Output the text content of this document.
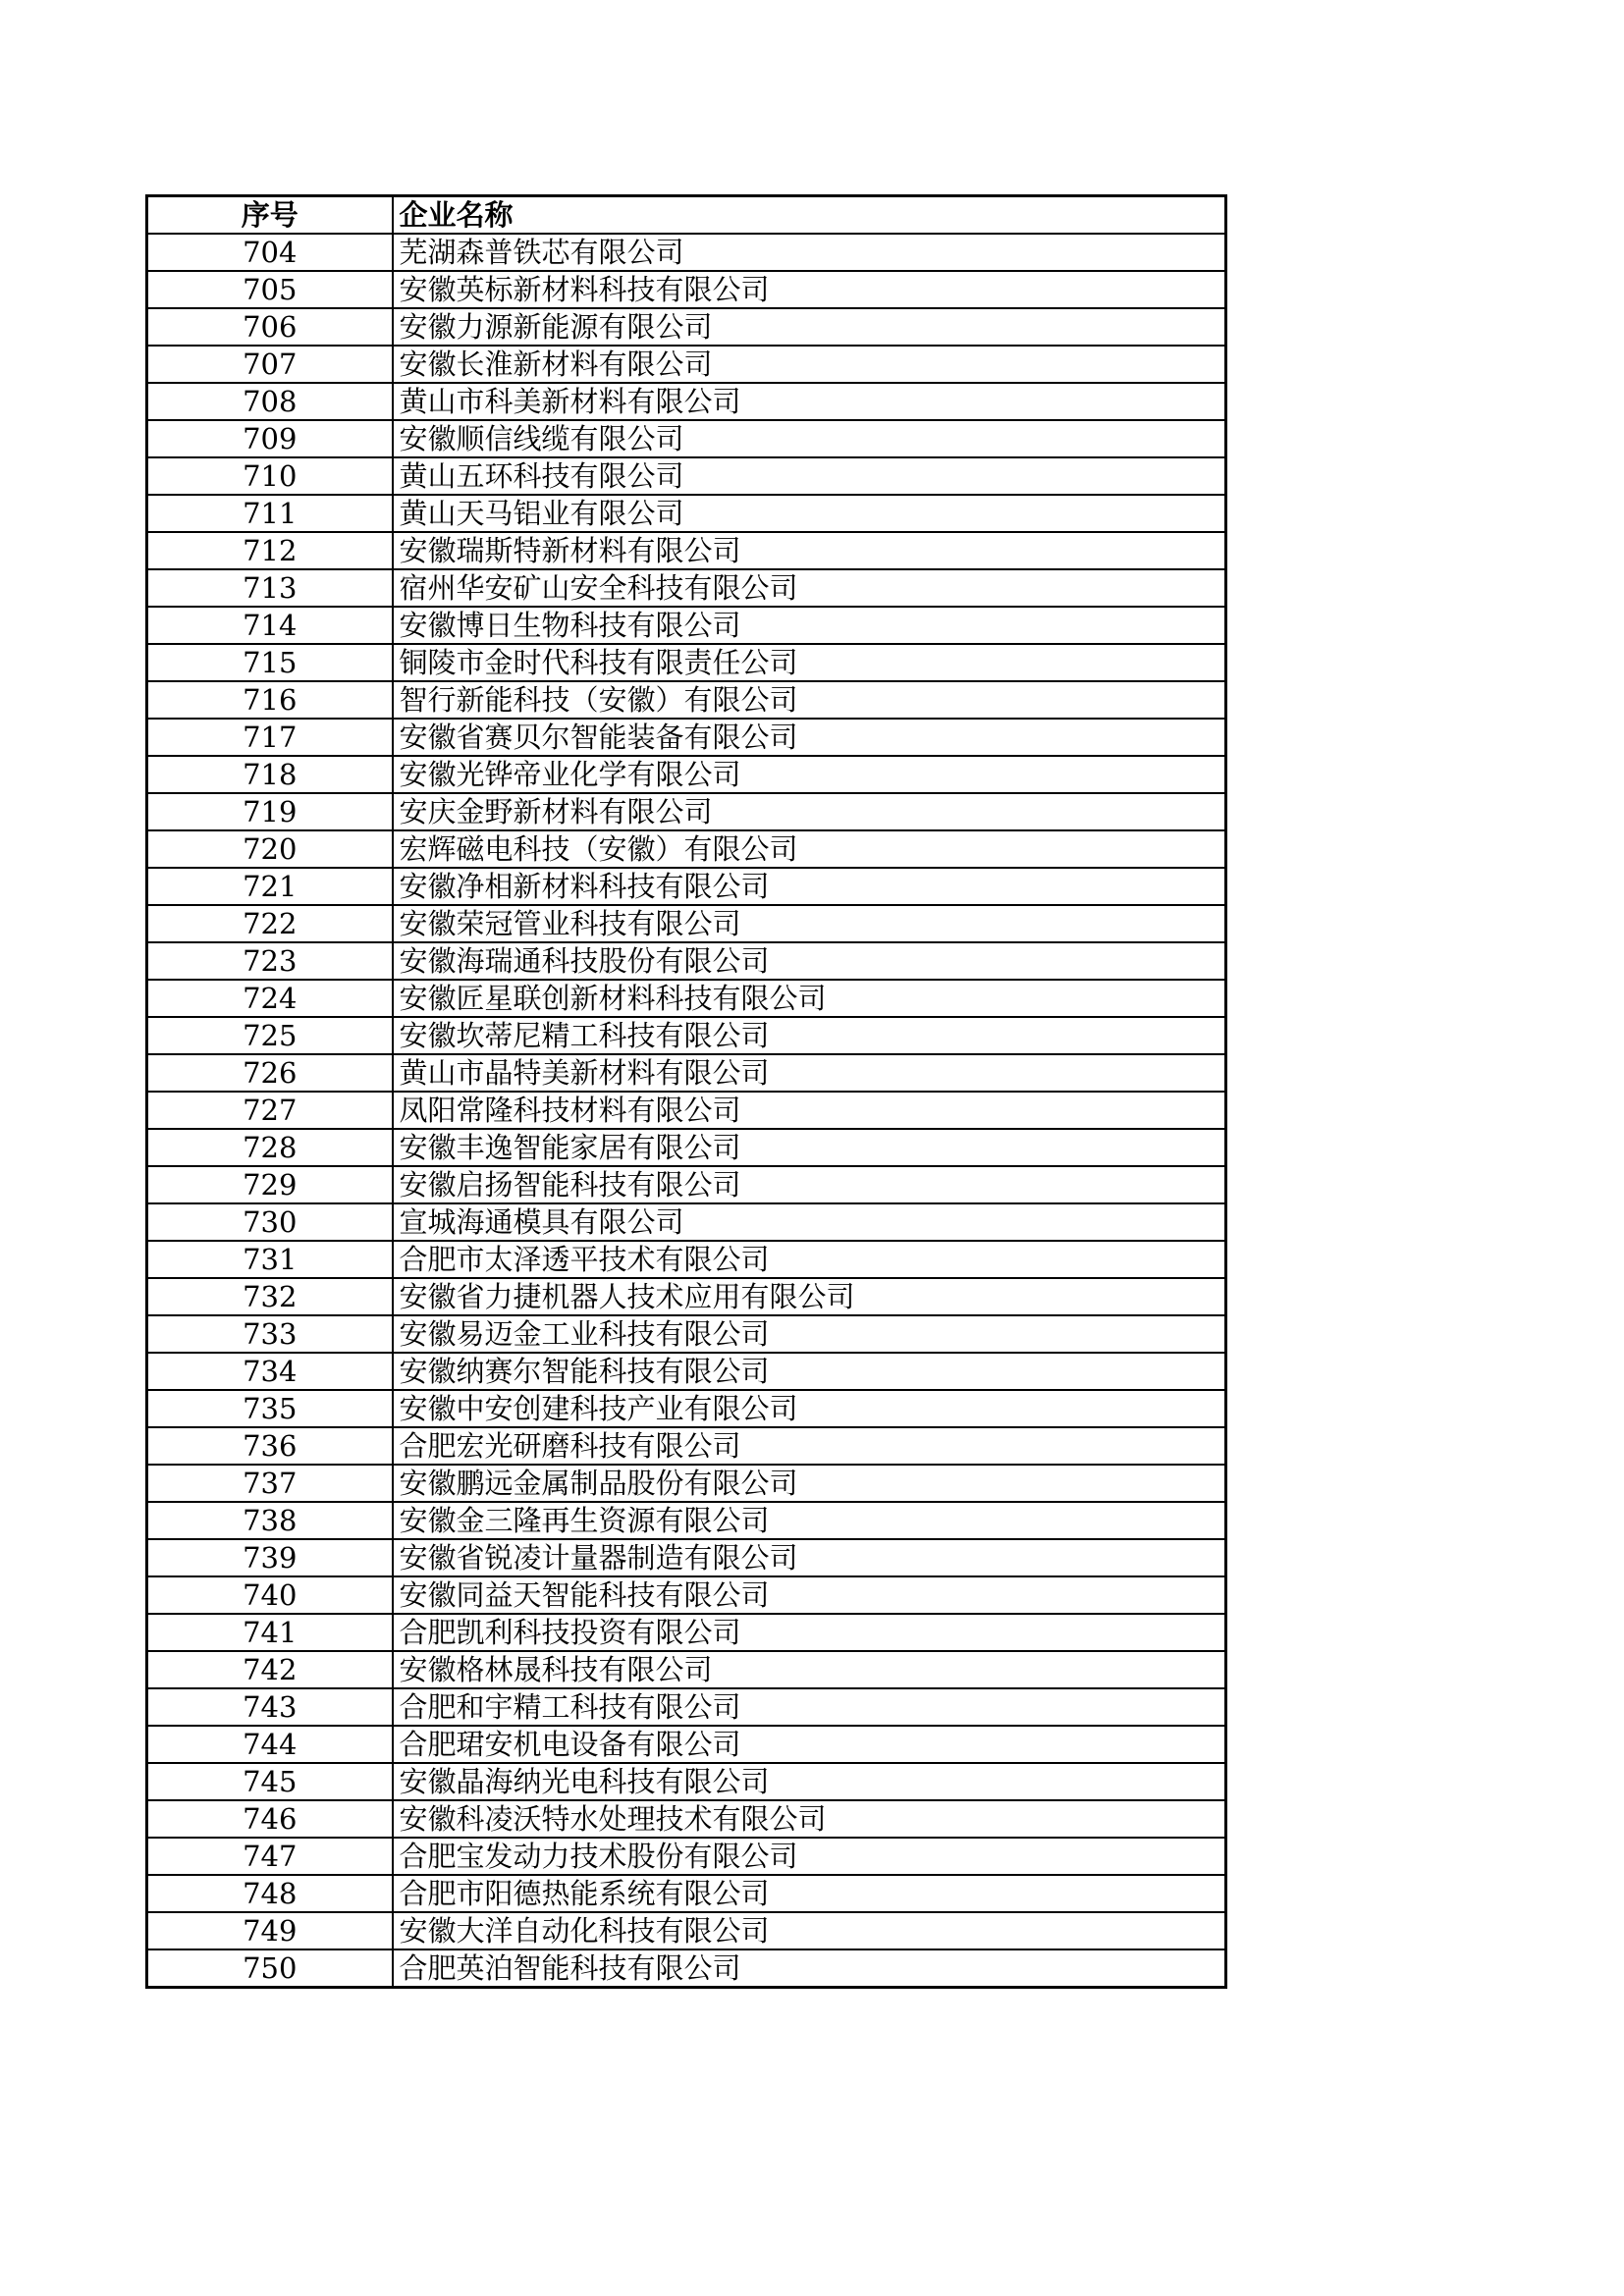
序号	企业名称
704	芜湖森普铁芯有限公司
705	安徽英标新材料科技有限公司
706	安徽力源新能源有限公司
707	安徽长淮新材料有限公司
708	黄山市科美新材料有限公司
709	安徽顺信线缆有限公司
710	黄山五环科技有限公司
711	黄山天马铝业有限公司
712	安徽瑞斯特新材料有限公司
713	宿州华安矿山安全科技有限公司
714	安徽博日生物科技有限公司
715	铜陵市金时代科技有限责任公司
716	智行新能科技（安徽）有限公司
717	安徽省赛贝尔智能装备有限公司
718	安徽光铧帝业化学有限公司
719	安庆金野新材料有限公司
720	宏辉磁电科技（安徽）有限公司
721	安徽净相新材料科技有限公司
722	安徽荣冠管业科技有限公司
723	安徽海瑞通科技股份有限公司
724	安徽匠星联创新材料科技有限公司
725	安徽坎蒂尼精工科技有限公司
726	黄山市晶特美新材料有限公司
727	凤阳常隆科技材料有限公司
728	安徽丰逸智能家居有限公司
729	安徽启扬智能科技有限公司
730	宣城海通模具有限公司
731	合肥市太泽透平技术有限公司
732	安徽省力捷机器人技术应用有限公司
733	安徽易迈金工业科技有限公司
734	安徽纳赛尔智能科技有限公司
735	安徽中安创建科技产业有限公司
736	合肥宏光研磨科技有限公司
737	安徽鹏远金属制品股份有限公司
738	安徽金三隆再生资源有限公司
739	安徽省锐凌计量器制造有限公司
740	安徽同益天智能科技有限公司
741	合肥凯利科技投资有限公司
742	安徽格林晟科技有限公司
743	合肥和宇精工科技有限公司
744	合肥珺安机电设备有限公司
745	安徽晶海纳光电科技有限公司
746	安徽科凌沃特水处理技术有限公司
747	合肥宝发动力技术股份有限公司
748	合肥市阳德热能系统有限公司
749	安徽大洋自动化科技有限公司
750	合肥英泊智能科技有限公司
